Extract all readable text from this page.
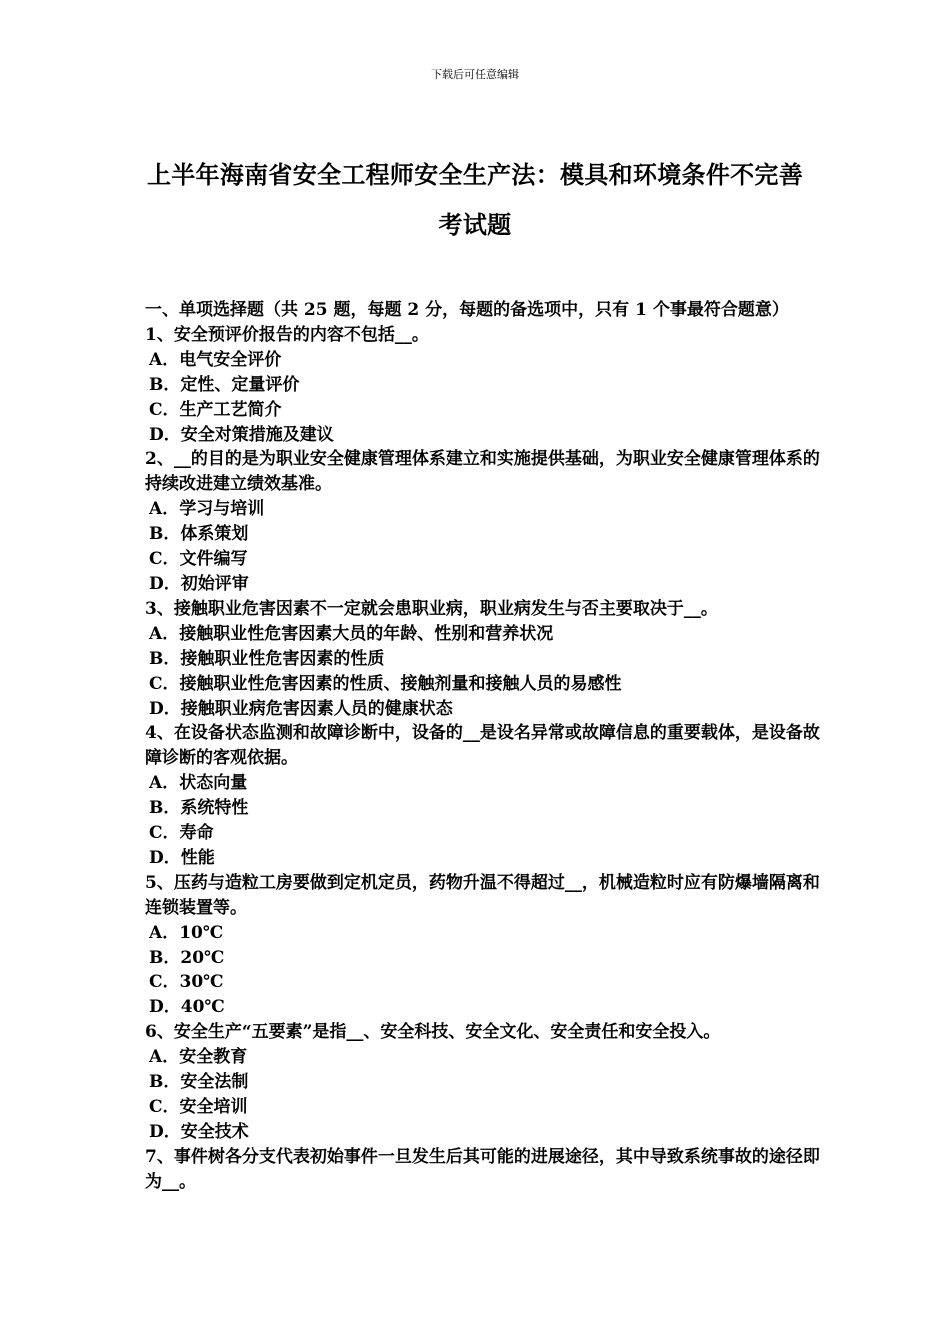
下载后可任意编辑
上半年海南省安全工程师安全生产法：模具和环境条件不完善考试题

一、单项选择题（共 25 题，每题 2 分，每题的备选项中，只有 1 个事最符合题意）

1、安全预评价报告的内容不包括__。

A．电气安全评价

B．定性、定量评价

C．生产工艺简介

D．安全对策措施及建议

2、__的目的是为职业安全健康管理体系建立和实施提供基础，为职业安全健康管理体系的持续改进建立绩效基准。

A．学习与培训

B．体系策划

C．文件编写

D．初始评审

3、接触职业危害因素不一定就会患职业病，职业病发生与否主要取决于__。

A．接触职业性危害因素大员的年龄、性别和营养状况

B．接触职业性危害因素的性质

C．接触职业性危害因素的性质、接触剂量和接触人员的易感性

D．接触职业病危害因素人员的健康状态

4、在设备状态监测和故障诊断中，设备的__是设名异常或故障信息的重要载体，是设备故障诊断的客观依据。

A．状态向量

B．系统特性

C．寿命

D．性能

5、压药与造粒工房要做到定机定员，药物升温不得超过__，机械造粒时应有防爆墙隔离和连锁装置等。

A．10℃

B．20℃

C．30℃

D．40℃

6、安全生产“五要素”是指__、安全科技、安全文化、安全责任和安全投入。

A．安全教育

B．安全法制

C．安全培训

D．安全技术

7、事件树各分支代表初始事件一旦发生后其可能的进展途径，其中导致系统事故的途径即为__。
